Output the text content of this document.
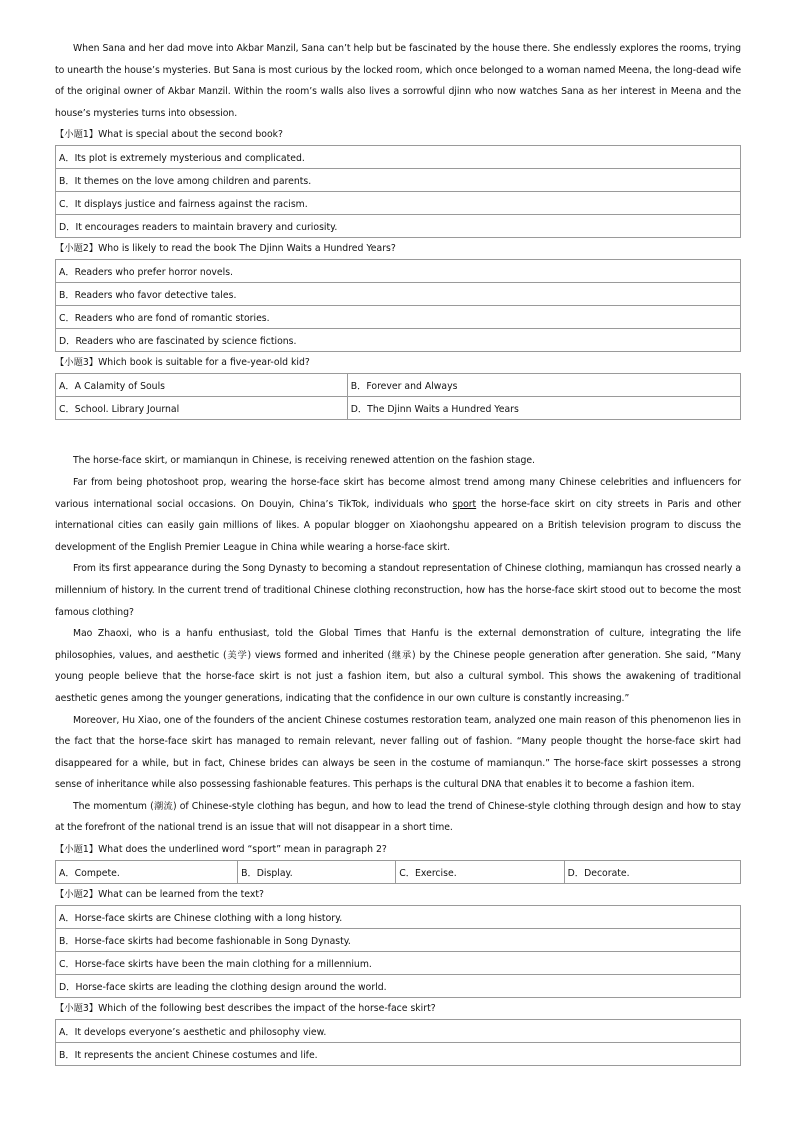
When Sana and her dad move into Akbar Manzil, Sana can’t help but be fascinated by the house there. She endlessly explores the rooms, trying to unearth the house’s mysteries. But Sana is most curious by the locked room, which once belonged to a woman named Meena, the long-dead wife of the original owner of Akbar Manzil. Within the room’s walls also lives a sorrowful djinn who now watches Sana as her interest in Meena and the house’s mysteries turns into obsession.

【小题1】What is special about the second book?
A．Its plot is extremely mysterious and complicated.
B．It themes on the love among children and parents.
C．It displays justice and fairness against the racism.
D．It encourages readers to maintain bravery and curiosity.
【小题2】Who is likely to read the book The Djinn Waits a Hundred Years?
A．Readers who prefer horror novels.
B．Readers who favor detective tales.
C．Readers who are fond of romantic stories.
D．Readers who are fascinated by science fictions.
【小题3】Which book is suitable for a five-year-old kid?
A．A Calamity of Souls	B．Forever and Always
C．School. Library Journal	D．The Djinn Waits a Hundred Years

The horse-face skirt, or mamianqun in Chinese, is receiving renewed attention on the fashion stage.

Far from being photoshoot prop, wearing the horse-face skirt has become almost trend among many Chinese celebrities and influencers for various international social occasions. On Douyin, China’s TikTok, individuals who sport the horse-face skirt on city streets in Paris and other international cities can easily gain millions of likes. A popular blogger on Xiaohongshu appeared on a British television program to discuss the development of the English Premier League in China while wearing a horse-face skirt.

From its first appearance during the Song Dynasty to becoming a standout representation of Chinese clothing, mamianqun has crossed nearly a millennium of history. In the current trend of traditional Chinese clothing reconstruction, how has the horse-face skirt stood out to become the most famous clothing?

Mao Zhaoxi, who is a hanfu enthusiast, told the Global Times that Hanfu is the external demonstration of culture, integrating the life philosophies, values, and aesthetic (美学) views formed and inherited (继承) by the Chinese people generation after generation. She said, “Many young people believe that the horse-face skirt is not just a fashion item, but also a cultural symbol. This shows the awakening of traditional aesthetic genes among the younger generations, indicating that the confidence in our own culture is constantly increasing.”

Moreover, Hu Xiao, one of the founders of the ancient Chinese costumes restoration team, analyzed one main reason of this phenomenon lies in the fact that the horse-face skirt has managed to remain relevant, never falling out of fashion. “Many people thought the horse-face skirt had disappeared for a while, but in fact, Chinese brides can always be seen in the costume of mamianqun.” The horse-face skirt possesses a strong sense of inheritance while also possessing fashionable features. This perhaps is the cultural DNA that enables it to become a fashion item.

The momentum (潮流) of Chinese-style clothing has begun, and how to lead the trend of Chinese-style clothing through design and how to stay at the forefront of the national trend is an issue that will not disappear in a short time.

【小题1】What does the underlined word “sport” mean in paragraph 2?
A．Compete.	B．Display.	C．Exercise.	D．Decorate.
【小题2】What can be learned from the text?
A．Horse-face skirts are Chinese clothing with a long history.
B．Horse-face skirts had become fashionable in Song Dynasty.
C．Horse-face skirts have been the main clothing for a millennium.
D．Horse-face skirts are leading the clothing design around the world.
【小题3】Which of the following best describes the impact of the horse-face skirt?
A．It develops everyone’s aesthetic and philosophy view.
B．It represents the ancient Chinese costumes and life.
